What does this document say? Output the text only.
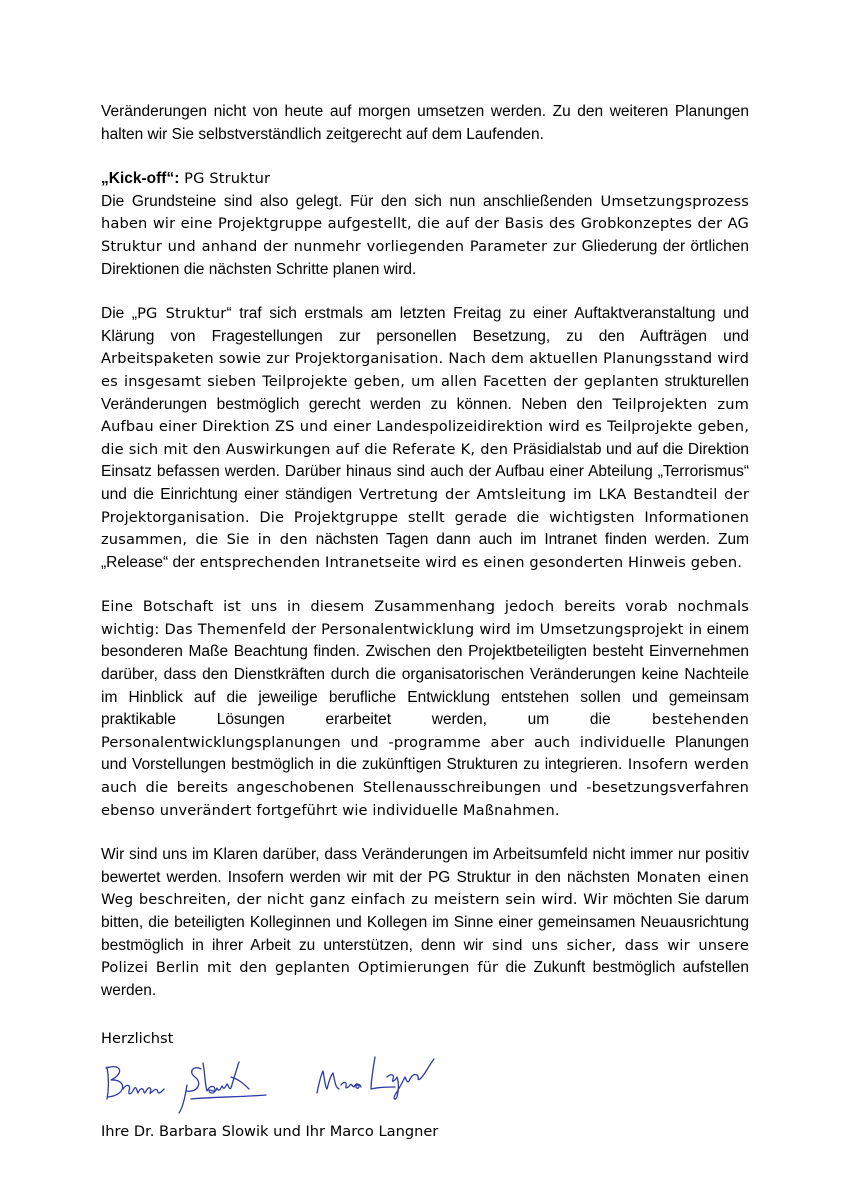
Veränderungen nicht von heute auf morgen umsetzen werden. Zu den weiteren Planungen halten wir Sie selbstverständlich zeitgerecht auf dem Laufenden.

„Kick-off“: PG Struktur

Die Grundsteine sind also gelegt. Für den sich nun anschließenden Umsetzungsprozess haben wir eine Projektgruppe aufgestellt, die auf der Basis des Grobkonzeptes der AG Struktur und anhand der nunmehr vorliegenden Parameter zur Gliederung der örtlichen Direktionen die nächsten Schritte planen wird.

Die „PG Struktur“ traf sich erstmals am letzten Freitag zu einer Auftaktveranstaltung und Klärung von Fragestellungen zur personellen Besetzung, zu den Aufträgen und Arbeitspaketen sowie zur Projektorganisation. Nach dem aktuellen Planungsstand wird es insgesamt sieben Teilprojekte geben, um allen Facetten der geplanten strukturellen Veränderungen bestmöglich gerecht werden zu können. Neben den Teilprojekten zum Aufbau einer Direktion ZS und einer Landespolizeidirektion wird es Teilprojekte geben, die sich mit den Auswirkungen auf die Referate K, den Präsidialstab und auf die Direktion Einsatz befassen werden. Darüber hinaus sind auch der Aufbau einer Abteilung „Terrorismus“ und die Einrichtung einer ständigen Vertretung der Amtsleitung im LKA Bestandteil der Projektorganisation. Die Projektgruppe stellt gerade die wichtigsten Informationen zusammen, die Sie in den nächsten Tagen dann auch im Intranet finden werden. Zum „Release“ der entsprechenden Intranetseite wird es einen gesonderten Hinweis geben.

Eine Botschaft ist uns in diesem Zusammenhang jedoch bereits vorab nochmals wichtig: Das Themenfeld der Personalentwicklung wird im Umsetzungsprojekt in einem besonderen Maße Beachtung finden. Zwischen den Projektbeteiligten besteht Einvernehmen darüber, dass den Dienstkräften durch die organisatorischen Veränderungen keine Nachteile im Hinblick auf die jeweilige berufliche Entwicklung entstehen sollen und gemeinsam praktikable Lösungen erarbeitet werden, um die bestehenden Personalentwicklungsplanungen und -programme aber auch individuelle Planungen und Vorstellungen bestmöglich in die zukünftigen Strukturen zu integrieren. Insofern werden auch die bereits angeschobenen Stellenausschreibungen und -besetzungsverfahren ebenso unverändert fortgeführt wie individuelle Maßnahmen.

Wir sind uns im Klaren darüber, dass Veränderungen im Arbeitsumfeld nicht immer nur positiv bewertet werden. Insofern werden wir mit der PG Struktur in den nächsten Monaten einen Weg beschreiten, der nicht ganz einfach zu meistern sein wird. Wir möchten Sie darum bitten, die beteiligten Kolleginnen und Kollegen im Sinne einer gemeinsamen Neuausrichtung bestmöglich in ihrer Arbeit zu unterstützen, denn wir sind uns sicher, dass wir unsere Polizei Berlin mit den geplanten Optimierungen für die Zukunft bestmöglich aufstellen werden.

Herzlichst
Ihre Dr. Barbara Slowik und Ihr Marco Langner
